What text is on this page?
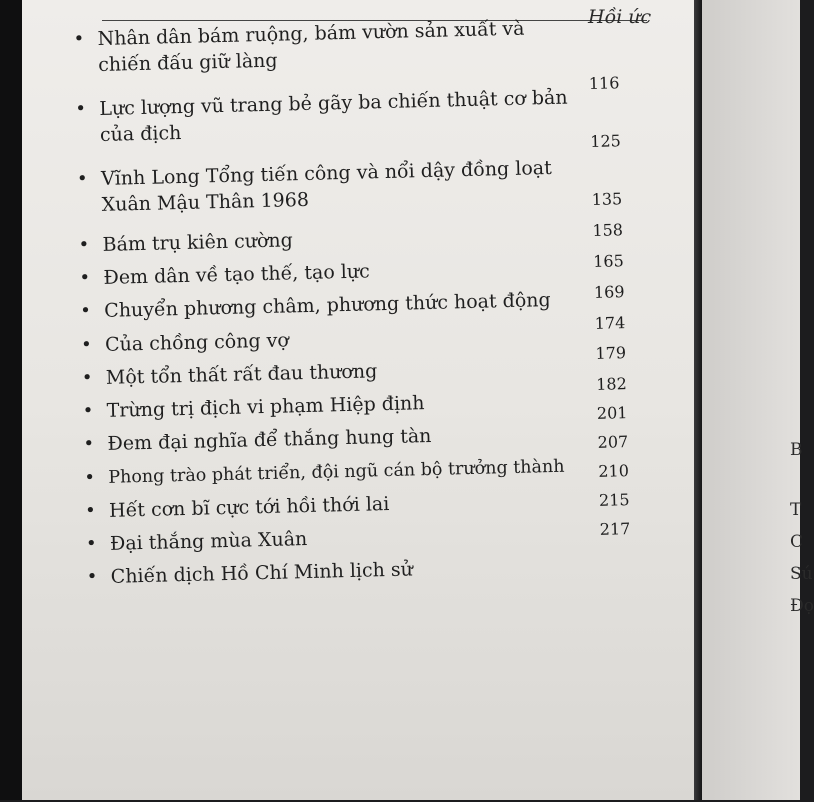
Hồi ức
• Nhân dân bám ruộng, bám vườn sản xuất và
chiến đấu giữ làng
• Lực lượng vũ trang bẻ gãy ba chiến thuật cơ bản
của địch
• Vĩnh Long Tổng tiến công và nổi dậy đồng loạt
Xuân Mậu Thân 1968
• Bám trụ kiên cường
• Đem dân về tạo thế, tạo lực
• Chuyển phương châm, phương thức hoạt động
• Của chồng công vợ
• Một tổn thất rất đau thương
• Trừng trị địch vi phạm Hiệp định
• Đem đại nghĩa để thắng hung tàn
• Phong trào phát triển, đội ngũ cán bộ trưởng thành
• Hết cơn bĩ cực tới hồi thới lai
• Đại thắng mùa Xuân
• Chiến dịch Hồ Chí Minh lịch sử
116
125
135
158
165
169
174
179
182
201
207
210
215
217
B
T
C
Sú
Đọ
